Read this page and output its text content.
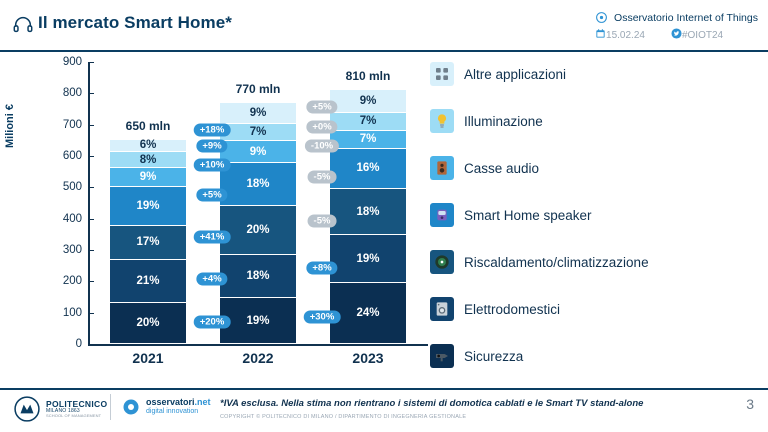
Il mercato Smart Home*	Osservatorio Internet of Things
15.02.24	#OIOT24
Milioni €
0
100
200
300
400
500
600
700
800
900
6%
8%
9%
19%
17%
21%
20%
650 mln
2021
9%
7%
9%
18%
20%
18%
19%
770 mln
2022
9%
7%
7%
16%
18%
19%
24%
810 mln
2023
+20%
+4%
+41%
+5%
+10%
+9%
+18%
+30%
+8%
-5%
-5%
-10%
+0%
+5%
Altre applicazioni
Illuminazione
Casse audio
Smart Home speaker
Riscaldamento/climatizzazione
Elettrodomestici
Sicurezza
POLITECNICO
MILANO 1863
SCHOOL OF MANAGEMENT
osservatori.net
digital innovation
*IVA esclusa. Nella stima non rientrano i sistemi di domotica cablati e le Smart TV stand-alone
COPYRIGHT © POLITECNICO DI MILANO / DIPARTIMENTO DI INGEGNERIA GESTIONALE
3
